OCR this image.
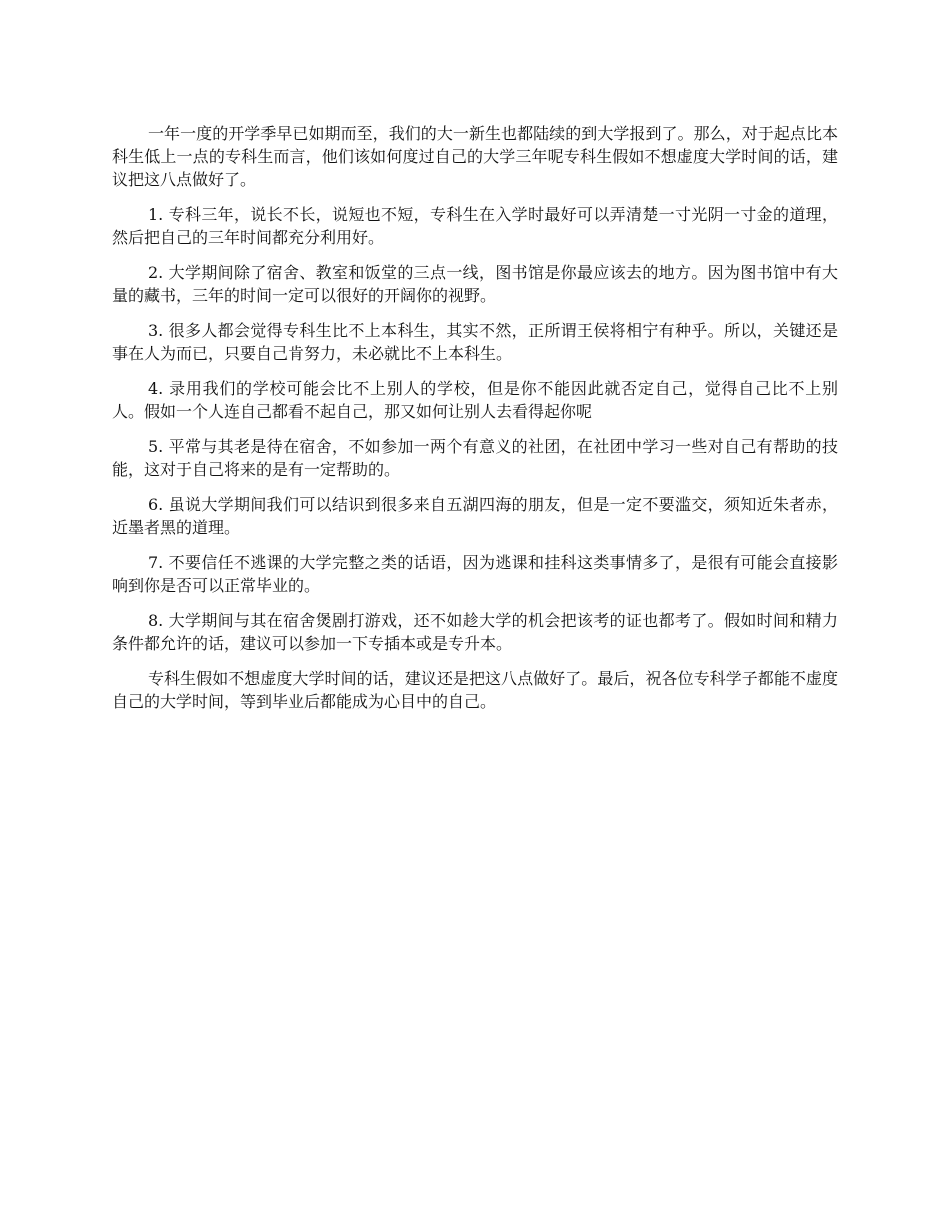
一年一度的开学季早已如期而至，我们的大一新生也都陆续的到大学报到了。那么，对于起点比本科生低上一点的专科生而言，他们该如何度过自己的大学三年呢专科生假如不想虚度大学时间的话，建议把这八点做好了。

1. 专科三年，说长不长，说短也不短，专科生在入学时最好可以弄清楚一寸光阴一寸金的道理，然后把自己的三年时间都充分利用好。

2. 大学期间除了宿舍、教室和饭堂的三点一线，图书馆是你最应该去的地方。因为图书馆中有大量的藏书，三年的时间一定可以很好的开阔你的视野。

3. 很多人都会觉得专科生比不上本科生，其实不然，正所谓王侯将相宁有种乎。所以，关键还是事在人为而已，只要自己肯努力，未必就比不上本科生。

4. 录用我们的学校可能会比不上别人的学校，但是你不能因此就否定自己，觉得自己比不上别人。假如一个人连自己都看不起自己，那又如何让别人去看得起你呢

5. 平常与其老是待在宿舍，不如参加一两个有意义的社团，在社团中学习一些对自己有帮助的技能，这对于自己将来的是有一定帮助的。

6. 虽说大学期间我们可以结识到很多来自五湖四海的朋友，但是一定不要滥交，须知近朱者赤，近墨者黑的道理。

7. 不要信任不逃课的大学完整之类的话语，因为逃课和挂科这类事情多了，是很有可能会直接影响到你是否可以正常毕业的。

8. 大学期间与其在宿舍煲剧打游戏，还不如趁大学的机会把该考的证也都考了。假如时间和精力条件都允许的话，建议可以参加一下专插本或是专升本。

专科生假如不想虚度大学时间的话，建议还是把这八点做好了。最后，祝各位专科学子都能不虚度自己的大学时间，等到毕业后都能成为心目中的自己。
